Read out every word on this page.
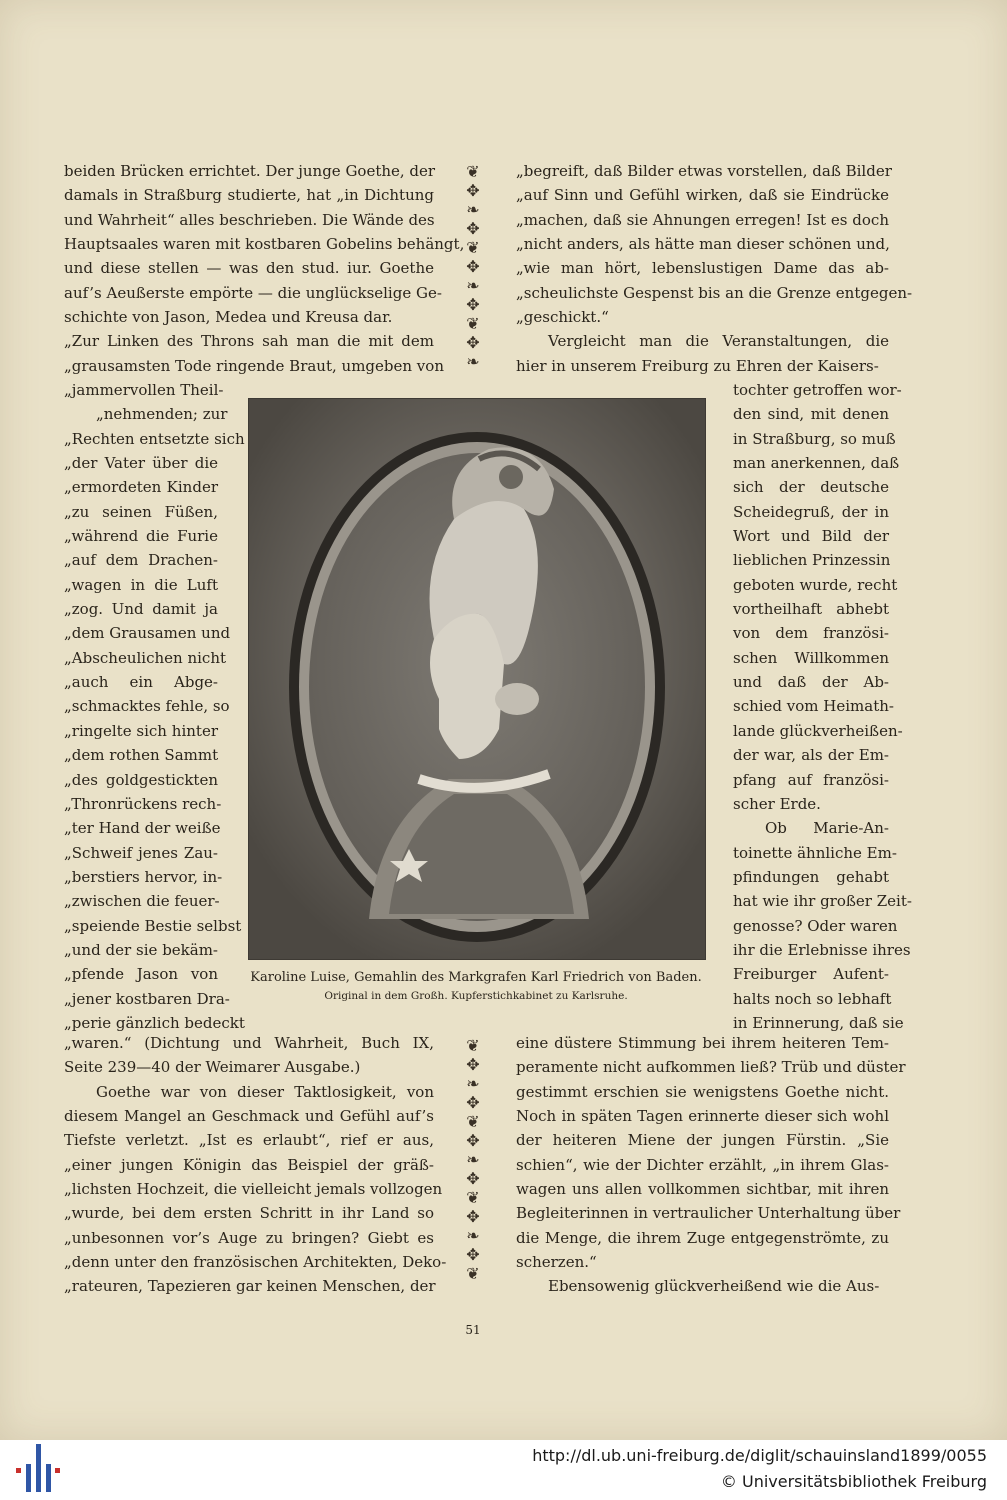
beiden Brücken errichtet. Der junge Goethe, der

damals in Straßburg studierte, hat „in Dichtung

und Wahrheit“ alles beschrieben. Die Wände des

Hauptsaales waren mit kostbaren Gobelins behängt,

und diese stellen — was den stud. iur. Goethe

auf’s Aeußerste empörte — die unglückselige Ge-

schichte von Jason, Medea und Kreusa dar.

„Zur Linken des Throns sah man die mit dem

„grausamsten Tode ringende Braut, umgeben von

„jammervollen Theil-

„nehmenden; zur

„Rechten entsetzte sich

„der Vater über die

„ermordeten Kinder

„zu seinen Füßen,

„während die Furie

„auf dem Drachen-

„wagen in die Luft

„zog. Und damit ja

„dem Grausamen und

„Abscheulichen nicht

„auch ein Abge-

„schmacktes fehle, so

„ringelte sich hinter

„dem rothen Sammt

„des goldgestickten

„Thronrückens rech-

„ter Hand der weiße

„Schweif jenes Zau-

„berstiers hervor, in-

„zwischen die feuer-

„speiende Bestie selbst

„und der sie bekäm-

„pfende Jason von

„jener kostbaren Dra-

„perie gänzlich bedeckt

„waren.“ (Dichtung und Wahrheit, Buch IX,

Seite 239—40 der Weimarer Ausgabe.)

Goethe war von dieser Taktlosigkeit, von

diesem Mangel an Geschmack und Gefühl auf’s

Tiefste verletzt. „Ist es erlaubt“, rief er aus,

„einer jungen Königin das Beispiel der gräß-

„lichsten Hochzeit, die vielleicht jemals vollzogen

„wurde, bei dem ersten Schritt in ihr Land so

„unbesonnen vor’s Auge zu bringen? Giebt es

„denn unter den französischen Architekten, Deko-

„rateuren, Tapezieren gar keinen Menschen, der

„begreift, daß Bilder etwas vorstellen, daß Bilder

„auf Sinn und Gefühl wirken, daß sie Eindrücke

„machen, daß sie Ahnungen erregen! Ist es doch

„nicht anders, als hätte man dieser schönen und,

„wie man hört, lebenslustigen Dame das ab-

„scheulichste Gespenst bis an die Grenze entgegen-

„geschickt.“

Vergleicht man die Veranstaltungen, die

hier in unserem Freiburg zu Ehren der Kaisers-

tochter getroffen wor-

den sind, mit denen

in Straßburg, so muß

man anerkennen, daß

sich der deutsche

Scheidegruß, der in

Wort und Bild der

lieblichen Prinzessin

geboten wurde, recht

vortheilhaft abhebt

von dem französi-

schen Willkommen

und daß der Ab-

schied vom Heimath-

lande glückverheißen-

der war, als der Em-

pfang auf französi-

scher Erde.

Ob Marie-An-

toinette ähnliche Em-

pfindungen gehabt

hat wie ihr großer Zeit-

genosse? Oder waren

ihr die Erlebnisse ihres

Freiburger Aufent-

halts noch so lebhaft

in Erinnerung, daß sie

eine düstere Stimmung bei ihrem heiteren Tem-

peramente nicht aufkommen ließ? Trüb und düster

gestimmt erschien sie wenigstens Goethe nicht.

Noch in späten Tagen erinnerte dieser sich wohl

der heiteren Miene der jungen Fürstin. „Sie

schien“, wie der Dichter erzählt, „in ihrem Glas-

wagen uns allen vollkommen sichtbar, mit ihren

Begleiterinnen in vertraulicher Unterhaltung über

die Menge, die ihrem Zuge entgegenströmte, zu

scherzen.“

Ebensowenig glückverheißend wie die Aus-

❦
✥
❧
✥
❦
✥
❧
✥
❦
✥
❧
❦
✥
❧
✥
❦
✥
❧
✥
❦
✥
❧
✥
❦
Karoline Luise, Gemahlin des Markgrafen Karl Friedrich von Baden.
Original in dem Großh. Kupferstichkabinet zu Karlsruhe.
51
http://dl.ub.uni-freiburg.de/diglit/schauinsland1899/0055
© Universitätsbibliothek Freiburg
